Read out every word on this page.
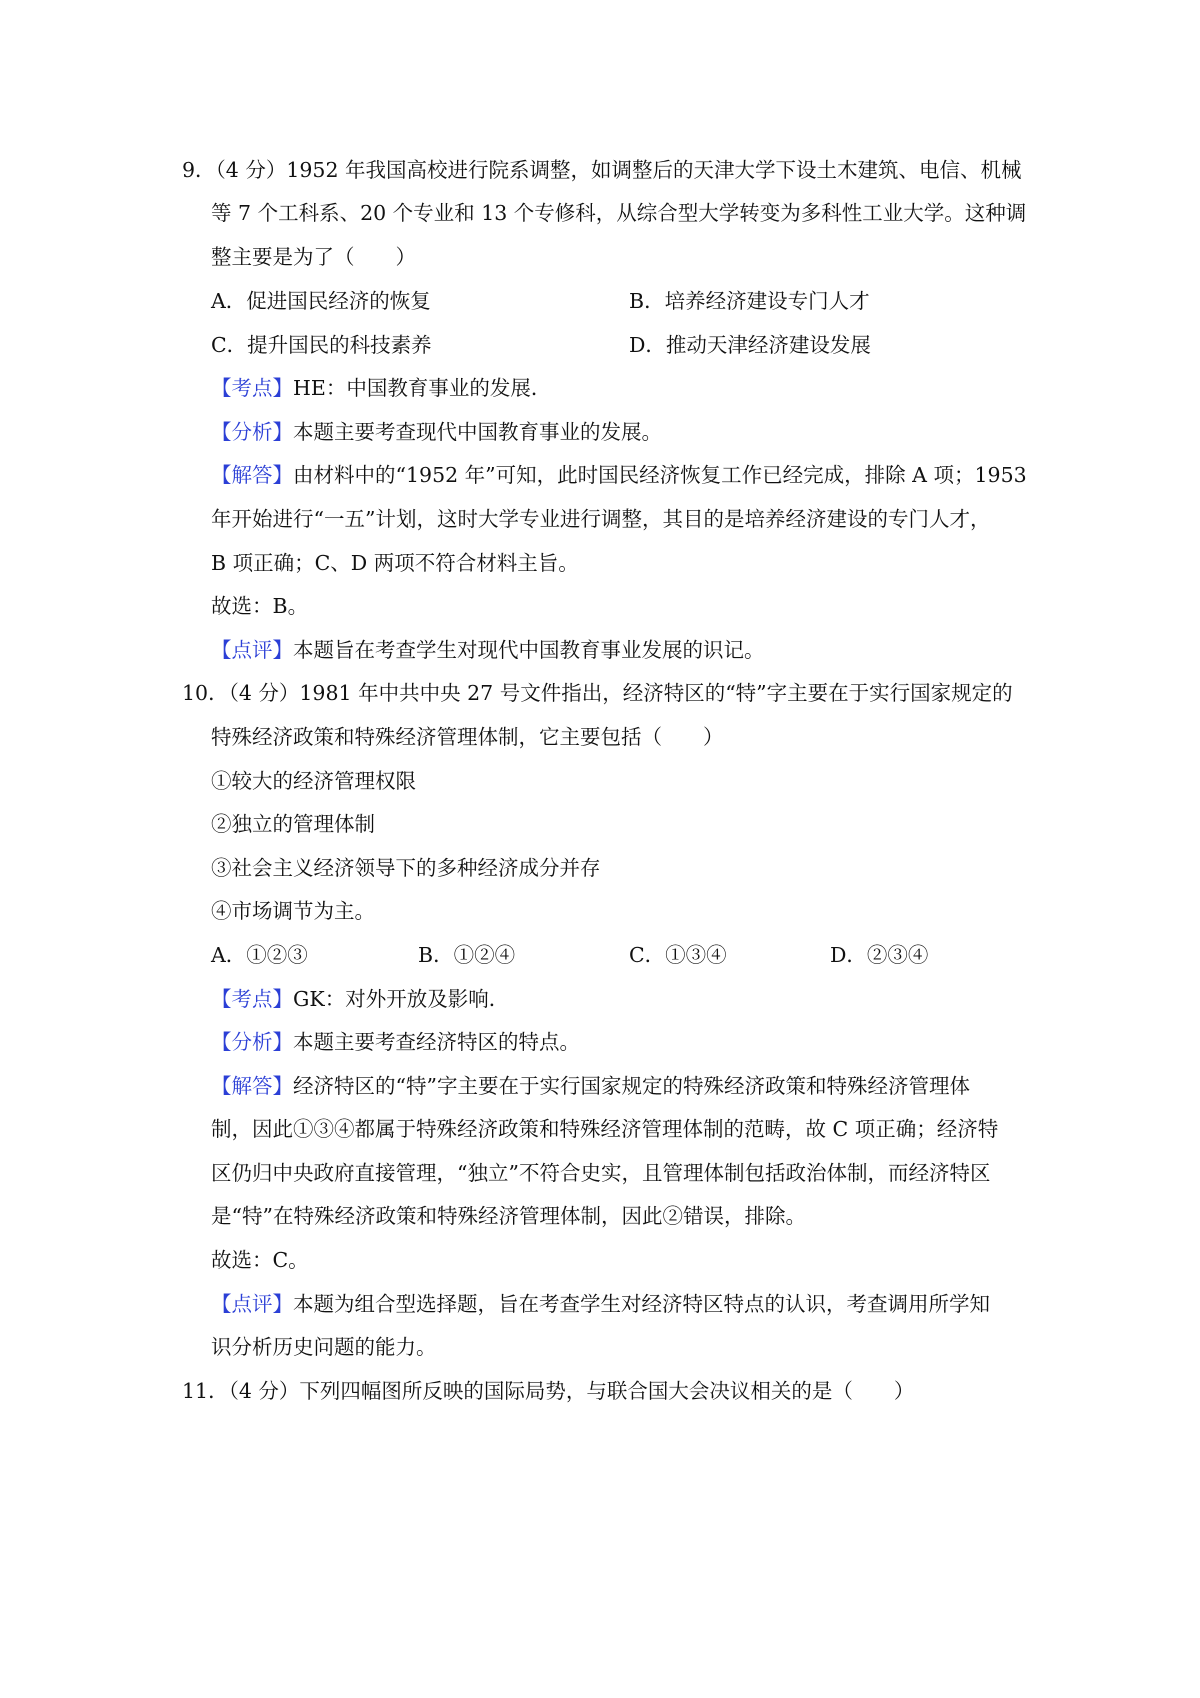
9．（4 分）1952 年我国高校进行院系调整，如调整后的天津大学下设土木建筑、电信、机械
等 7 个工科系、20 个专业和 13 个专修科，从综合型大学转变为多科性工业大学。这种调
整主要是为了（　　）
A．促进国民经济的恢复	B．培养经济建设专门人才
C．提升国民的科技素养	D．推动天津经济建设发展
【考点】HE：中国教育事业的发展．
【分析】本题主要考查现代中国教育事业的发展。
【解答】由材料中的“1952 年”可知，此时国民经济恢复工作已经完成，排除 A 项；1953
年开始进行“一五”计划，这时大学专业进行调整，其目的是培养经济建设的专门人才，
B 项正确；C、D 两项不符合材料主旨。
故选：B。
【点评】本题旨在考查学生对现代中国教育事业发展的识记。
10．（4 分）1981 年中共中央 27 号文件指出，经济特区的“特”字主要在于实行国家规定的
特殊经济政策和特殊经济管理体制，它主要包括（　　）
①较大的经济管理权限
②独立的管理体制
③社会主义经济领导下的多种经济成分并存
④市场调节为主。
A．①②③	B．①②④	C．①③④	D．②③④
【考点】GK：对外开放及影响．
【分析】本题主要考查经济特区的特点。
【解答】经济特区的“特”字主要在于实行国家规定的特殊经济政策和特殊经济管理体
制，因此①③④都属于特殊经济政策和特殊经济管理体制的范畴，故 C 项正确；经济特
区仍归中央政府直接管理，“独立”不符合史实，且管理体制包括政治体制，而经济特区
是“特”在特殊经济政策和特殊经济管理体制，因此②错误，排除。
故选：C。
【点评】本题为组合型选择题，旨在考查学生对经济特区特点的认识，考查调用所学知
识分析历史问题的能力。
11．（4 分）下列四幅图所反映的国际局势，与联合国大会决议相关的是（　　）
